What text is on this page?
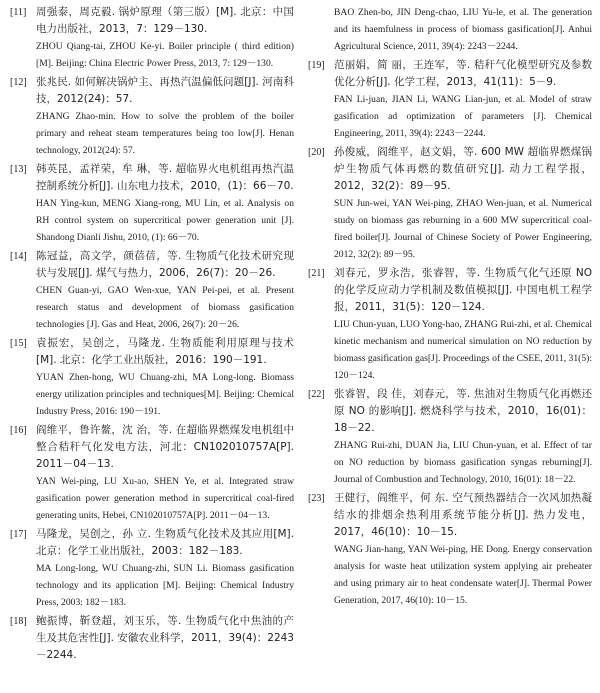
[11] 周强泰，周克毅. 锅炉原理（第三版）[M]. 北京：中国电力出版社，2013，7：129－130.
ZHOU Qiang-tai, ZHOU Ke-yi. Boiler principle ( third edition) [M]. Beijing: China Electric Power Press, 2013, 7: 129－130.
[12] 张兆民. 如何解决锅炉主、再热汽温偏低问题[J]. 河南科技，2012(24)：57.
ZHANG Zhao-min. How to solve the problem of the boiler primary and reheat steam temperatures being too low[J]. Henan technology, 2012(24): 57.
[13] 韩英昆，孟祥荣，牟 琳，等. 超临界火电机组再热汽温控制系统分析[J]. 山东电力技术，2010，(1)：66－70.
HAN Ying-kun, MENG Xiang-rong, MU Lin, et al. Analysis on RH control system on supercritical power generation unit [J]. Shandong Dianli Jishu, 2010, (1): 66－70.
[14] 陈冠益，高文学，颜蓓蓓，等. 生物质气化技术研究现状与发展[J]. 煤气与热力，2006，26(7)：20－26.
CHEN Guan-yi, GAO Wen-xue, YAN Pei-pei, et al. Present research status and development of biomass gasification technologies [J]. Gas and Heat, 2006, 26(7): 20－26.
[15] 袁振宏，吴创之，马隆龙. 生物质能利用原理与技术[M]. 北京：化学工业出版社，2016：190－191.
YUAN Zhen-hong, WU Chuang-zhi, MA Long-long. Biomass energy utilization principles and techniques[M]. Beijing: Chemical Industry Press, 2016: 190－191.
[16] 阎维平，鲁许鳌，沈 治，等. 在超临界燃煤发电机组中整合秸秆气化发电方法，河北：CN102010757A[P]. 2011－04－13.
YAN Wei-ping, LU Xu-ao, SHEN Ye, et al. Integrated straw gasification power generation method in supercritical coal-fired generating units, Hebei, CN102010757A[P]. 2011－04－13.
[17] 马隆龙，吴创之，孙 立. 生物质气化技术及其应用[M]. 北京：化学工业出版社，2003：182－183.
MA Long-long, WU Chuang-zhi, SUN Li. Biomass gasification technology and its application [M]. Beijing: Chemical Industry Press, 2003: 182－183.
[18] 鲍振博，靳登超，刘玉乐，等. 生物质气化中焦油的产生及其危害性[J]. 安徽农业科学，2011，39(4)：2243－2244.
BAO Zhen-bo, JIN Deng-chao, LIU Yu-le, et al. The generation and its haemfulness in process of biomass gasification[J]. Anhui Agricultural Science, 2011, 39(4): 2243－2244.
[19] 范丽娟，简 丽，王连军，等. 秸秆气化模型研究及参数优化分析[J]. 化学工程，2013，41(11)：5－9.
FAN Li-juan, JIAN Li, WANG Lian-jun, et al. Model of straw gasification ad optimization of parameters [J]. Chemical Engineering, 2011, 39(4): 2243－2244.
[20] 孙俊威，阎维平，赵文娟，等. 600 MW 超临界燃煤锅炉生物质气体再燃的数值研究[J]. 动力工程学报，2012，32(2)：89－95.
SUN Jun-wei, YAN Wei-ping, ZHAO Wen-juan, et al. Numerical study on biomass gas reburning in a 600 MW supercritical coal-fired boiler[J]. Journal of Chinese Society of Power Engineering, 2012, 32(2): 89－95.
[21] 刘春元，罗永浩，张睿智，等. 生物质气化气还原 NO 的化学反应动力学机制及数值模拟[J]. 中国电机工程学报，2011，31(5)：120－124.
LIU Chun-yuan, LUO Yong-hao, ZHANG Rui-zhi, et al. Chemical kinetic mechanism and numerical simulation on NO reduction by biomass gasification gas[J]. Proceedings of the CSEE, 2011, 31(5): 120－124.
[22] 张睿智，段 佳，刘春元，等. 焦油对生物质气化再燃还原 NO 的影响[J]. 燃烧科学与技术，2010，16(01)：18－22.
ZHANG Rui-zhi, DUAN Jia, LIU Chun-yuan, et al. Effect of tar on NO reduction by biomass gasification syngas reburning[J]. Journal of Combustion and Technology, 2010, 16(01): 18－22.
[23] 王健行，阎维平，何 东. 空气预热器结合一次风加热凝结水的排烟余热利用系统节能分析[J]. 热力发电，2017，46(10)：10－15.
WANG Jian-hang, YAN Wei-ping, HE Dong. Energy conservation analysis for waste heat utilization system applying air preheater and using primary air to heat condensate water[J]. Thermal Power Generation, 2017, 46(10): 10－15.
